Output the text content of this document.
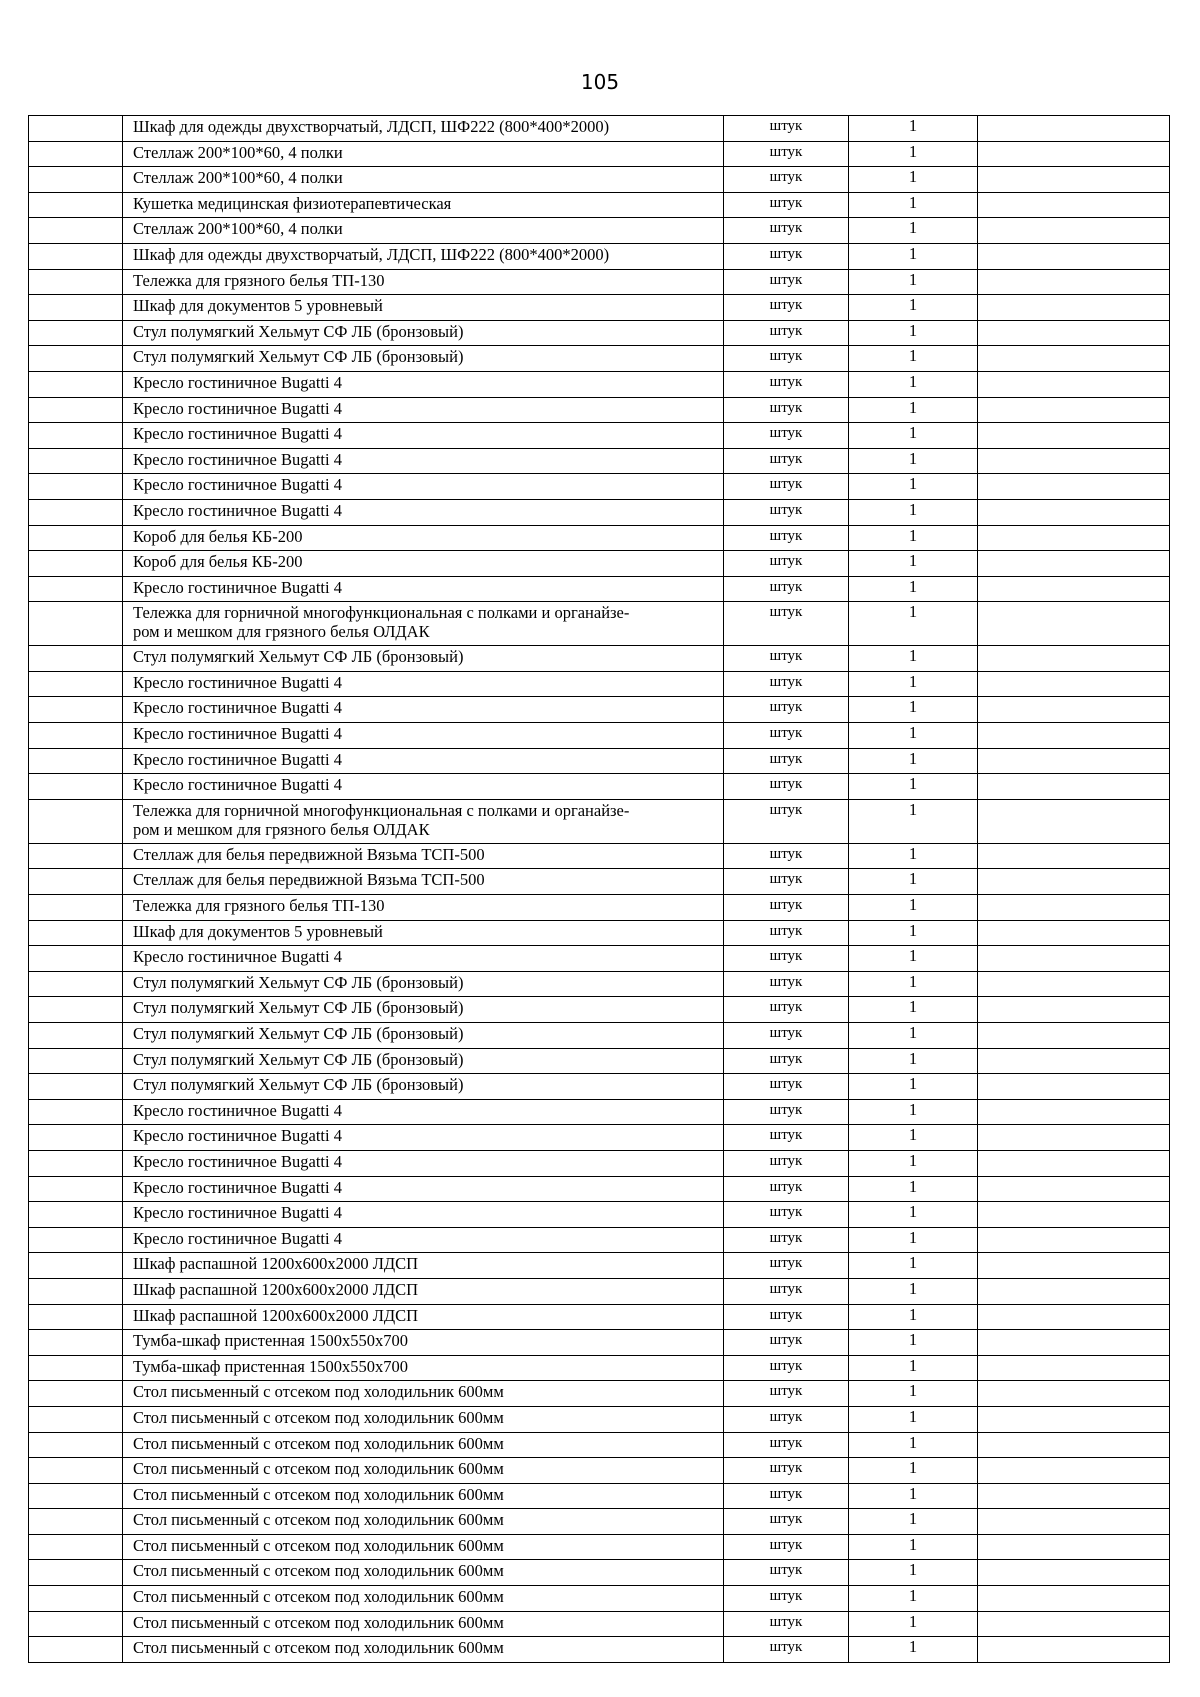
105
	Шкаф для одежды двухстворчатый, ЛДСП, ШФ222 (800*400*2000)	штук	1	
	Стеллаж 200*100*60, 4 полки	штук	1	
	Стеллаж 200*100*60, 4 полки	штук	1	
	Кушетка медицинская физиотерапевтическая	штук	1	
	Стеллаж 200*100*60, 4 полки	штук	1	
	Шкаф для одежды двухстворчатый, ЛДСП, ШФ222 (800*400*2000)	штук	1	
	Тележка для грязного белья ТП-130	штук	1	
	Шкаф для документов 5 уровневый	штук	1	
	Стул полумягкий Хельмут СФ ЛБ (бронзовый)	штук	1	
	Стул полумягкий Хельмут СФ ЛБ (бронзовый)	штук	1	
	Кресло гостиничное Bugatti 4	штук	1	
	Кресло гостиничное Bugatti 4	штук	1	
	Кресло гостиничное Bugatti 4	штук	1	
	Кресло гостиничное Bugatti 4	штук	1	
	Кресло гостиничное Bugatti 4	штук	1	
	Кресло гостиничное Bugatti 4	штук	1	
	Короб для белья КБ-200	штук	1	
	Короб для белья КБ-200	штук	1	
	Кресло гостиничное Bugatti 4	штук	1	
	Тележка для горничной многофункциональная с полками и органайзе-
ром и мешком для грязного белья ОЛДАК	штук	1	
	Стул полумягкий Хельмут СФ ЛБ (бронзовый)	штук	1	
	Кресло гостиничное Bugatti 4	штук	1	
	Кресло гостиничное Bugatti 4	штук	1	
	Кресло гостиничное Bugatti 4	штук	1	
	Кресло гостиничное Bugatti 4	штук	1	
	Кресло гостиничное Bugatti 4	штук	1	
	Тележка для горничной многофункциональная с полками и органайзе-
ром и мешком для грязного белья ОЛДАК	штук	1	
	Стеллаж для белья передвижной Вязьма ТСП-500	штук	1	
	Стеллаж для белья передвижной Вязьма ТСП-500	штук	1	
	Тележка для грязного белья ТП-130	штук	1	
	Шкаф для документов 5 уровневый	штук	1	
	Кресло гостиничное Bugatti 4	штук	1	
	Стул полумягкий Хельмут СФ ЛБ (бронзовый)	штук	1	
	Стул полумягкий Хельмут СФ ЛБ (бронзовый)	штук	1	
	Стул полумягкий Хельмут СФ ЛБ (бронзовый)	штук	1	
	Стул полумягкий Хельмут СФ ЛБ (бронзовый)	штук	1	
	Стул полумягкий Хельмут СФ ЛБ (бронзовый)	штук	1	
	Кресло гостиничное Bugatti 4	штук	1	
	Кресло гостиничное Bugatti 4	штук	1	
	Кресло гостиничное Bugatti 4	штук	1	
	Кресло гостиничное Bugatti 4	штук	1	
	Кресло гостиничное Bugatti 4	штук	1	
	Кресло гостиничное Bugatti 4	штук	1	
	Шкаф распашной 1200х600х2000 ЛДСП	штук	1	
	Шкаф распашной 1200х600х2000 ЛДСП	штук	1	
	Шкаф распашной 1200х600х2000 ЛДСП	штук	1	
	Тумба-шкаф пристенная 1500х550х700	штук	1	
	Тумба-шкаф пристенная 1500х550х700	штук	1	
	Стол письменный с отсеком под холодильник 600мм	штук	1	
	Стол письменный с отсеком под холодильник 600мм	штук	1	
	Стол письменный с отсеком под холодильник 600мм	штук	1	
	Стол письменный с отсеком под холодильник 600мм	штук	1	
	Стол письменный с отсеком под холодильник 600мм	штук	1	
	Стол письменный с отсеком под холодильник 600мм	штук	1	
	Стол письменный с отсеком под холодильник 600мм	штук	1	
	Стол письменный с отсеком под холодильник 600мм	штук	1	
	Стол письменный с отсеком под холодильник 600мм	штук	1	
	Стол письменный с отсеком под холодильник 600мм	штук	1	
	Стол письменный с отсеком под холодильник 600мм	штук	1	
